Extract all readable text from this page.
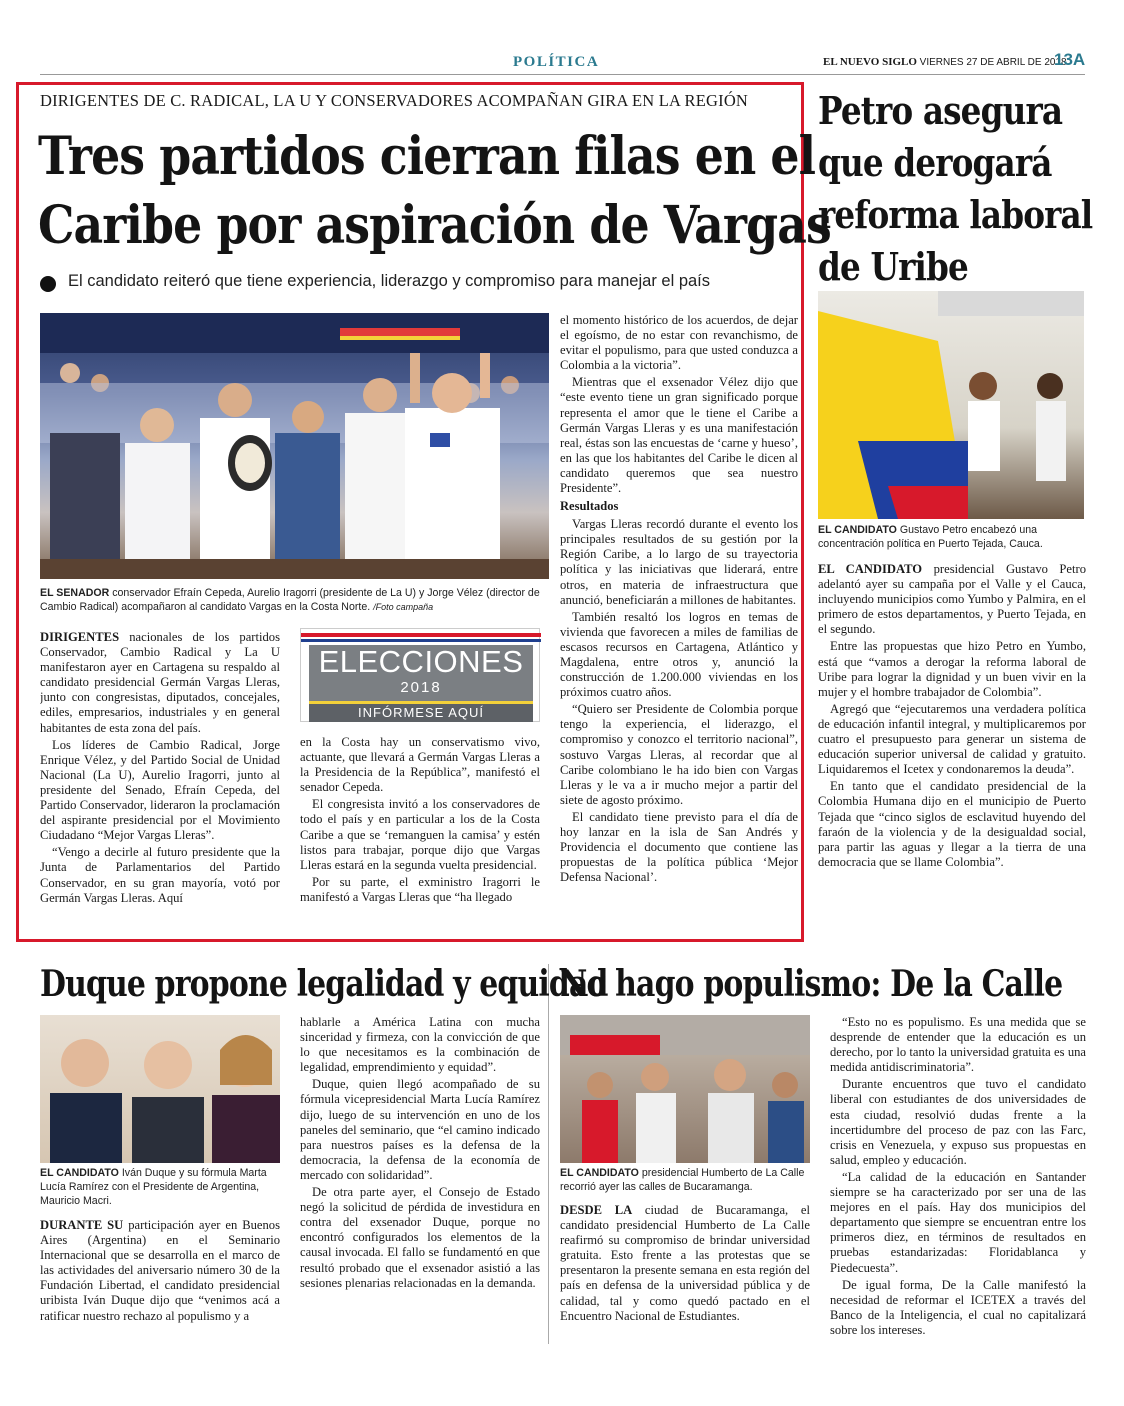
POLÍTICA	EL NUEVO SIGLO VIERNES 27 DE ABRIL DE 2018
13A
DIRIGENTES DE C. RADICAL, LA U Y CONSERVADORES ACOMPAÑAN GIRA EN LA REGIÓN
Tres partidos cierran filas en el
Caribe por aspiración de Vargas
El candidato reiteró que tiene experiencia, liderazgo y compromiso para manejar el país
EL SENADOR conservador Efraín Cepeda, Aurelio Iragorri (presidente de La U) y Jorge Vélez (director de Cambio Radical) acompañaron al candidato Vargas en la Costa Norte. /Foto campaña

DIRIGENTES nacionales de los partidos Conservador, Cambio Radical y La U manifestaron ayer en Cartagena su respaldo al candidato presidencial Germán Vargas Lleras, junto con congresistas, diputados, concejales, ediles, empresarios, industriales y en general habitantes de esta zona del país.

Los líderes de Cambio Radical, Jorge Enrique Vélez, y del Partido Social de Unidad Nacional (La U), Aurelio Iragorri, junto al presidente del Senado, Efraín Cepeda, del Partido Conservador, lideraron la proclamación del aspirante presidencial por el Movimiento Ciudadano “Mejor Vargas Lleras”.

“Vengo a decirle al futuro presidente que la Junta de Parlamentarios del Partido Conservador, en su gran mayoría, votó por Germán Vargas Lleras. Aquí

ELECCIONES
2018
INFÓRMESE AQUÍ

en la Costa hay un conservatismo vivo, actuante, que llevará a Germán Vargas Lleras a la Presidencia de la República”, manifestó el senador Cepeda.

El congresista invitó a los conservadores de todo el país y en particular a los de la Costa Caribe a que se ‘remanguen la camisa’ y estén listos para trabajar, porque dijo que Vargas Lleras estará en la segunda vuelta presidencial.

Por su parte, el exministro Iragorri le manifestó a Vargas Lleras que “ha llegado

el momento histórico de los acuerdos, de dejar el egoísmo, de no estar con revanchismo, de evitar el populismo, para que usted conduzca a Colombia a la victoria”.

Mientras que el exsenador Vélez dijo que “este evento tiene un gran significado porque representa el amor que le tiene el Caribe a Germán Vargas Lleras y es una manifestación real, éstas son las encuestas de ‘carne y hueso’, en las que los habitantes del Caribe le dicen al candidato queremos que sea nuestro Presidente”.

Resultados

Vargas Lleras recordó durante el evento los principales resultados de su gestión por la Región Caribe, a lo largo de su trayectoria política y las iniciativas que liderará, entre otros, en materia de infraestructura que anunció, beneficiarán a millones de habitantes.

También resaltó los logros en temas de vivienda que favorecen a miles de familias de escasos recursos en Cartagena, Atlántico y Magdalena, entre otros y, anunció la construcción de 1.200.000 viviendas en los próximos cuatro años.

“Quiero ser Presidente de Colombia porque tengo la experiencia, el liderazgo, el compromiso y conozco el territorio nacional”, sostuvo Vargas Lleras, al recordar que al Caribe colombiano le ha ido bien con Vargas Lleras y le va a ir mucho mejor a partir del siete de agosto próximo.

El candidato tiene previsto para el día de hoy lanzar en la isla de San Andrés y Providencia el documento que contiene las propuestas de la política pública ‘Mejor Defensa Nacional’.

Petro asegura
que derogará
reforma laboral
de Uribe
EL CANDIDATO Gustavo Petro encabezó una concentración política en Puerto Tejada, Cauca.

EL CANDIDATO presidencial Gustavo Petro adelantó ayer su campaña por el Valle y el Cauca, incluyendo municipios como Yumbo y Palmira, en el primero de estos departamentos, y Puerto Tejada, en el segundo.

Entre las propuestas que hizo Petro en Yumbo, está que “vamos a derogar la reforma laboral de Uribe para lograr la dignidad y un buen vivir en la mujer y el hombre trabajador de Colombia”.

Agregó que “ejecutaremos una verdadera política de educación infantil integral, y multiplicaremos por cuatro el presupuesto para generar un sistema de educación superior universal de calidad y gratuito. Liquidaremos el Icetex y condonaremos la deuda”.

En tanto que el candidato presidencial de la Colombia Humana dijo en el municipio de Puerto Tejada que “cinco siglos de esclavitud huyendo del faraón de la violencia y de la desigualdad social, para partir las aguas y llegar a la tierra de una democracia que se llame Colombia”.

Duque propone legalidad y equidad
EL CANDIDATO Iván Duque y su fórmula Marta Lucía Ramírez con el Presidente de Argentina, Mauricio Macri.

DURANTE SU participación ayer en Buenos Aires (Argentina) en el Seminario Internacional que se desarrolla en el marco de las actividades del aniversario número 30 de la Fundación Libertad, el candidato presidencial uribista Iván Duque dijo que “venimos acá a ratificar nuestro rechazo al populismo y a

hablarle a América Latina con mucha sinceridad y firmeza, con la convicción de que lo que necesitamos es la combinación de legalidad, emprendimiento y equidad”.

Duque, quien llegó acompañado de su fórmula vicepresidencial Marta Lucía Ramírez dijo, luego de su intervención en uno de los paneles del seminario, que “el camino indicado para nuestros países es la defensa de la democracia, la defensa de la economía de mercado con solidaridad”.

De otra parte ayer, el Consejo de Estado negó la solicitud de pérdida de investidura en contra del exsenador Duque, porque no encontró configurados los elementos de la causal invocada. El fallo se fundamentó en que resultó probado que el exsenador asistió a las sesiones plenarias relacionadas en la demanda.

No hago populismo: De la Calle
EL CANDIDATO presidencial Humberto de La Calle recorrió ayer las calles de Bucaramanga.

DESDE LA ciudad de Bucaramanga, el candidato presidencial Humberto de La Calle reafirmó su compromiso de brindar universidad gratuita. Esto frente a las protestas que se presentaron la presente semana en esta región del país en defensa de la universidad pública y de calidad, tal y como quedó pactado en el Encuentro Nacional de Estudiantes.

“Esto no es populismo. Es una medida que se desprende de entender que la educación es un derecho, por lo tanto la universidad gratuita es una medida antidiscriminatoria”.

Durante encuentros que tuvo el candidato liberal con estudiantes de dos universidades de esta ciudad, resolvió dudas frente a la incertidumbre del proceso de paz con las Farc, crisis en Venezuela, y expuso sus propuestas en salud, empleo y educación.

“La calidad de la educación en Santander siempre se ha caracterizado por ser una de las mejores en el país. Hay dos municipios del departamento que siempre se encuentran entre los primeros diez, en términos de resultados en pruebas estandarizadas: Floridablanca y Piedecuesta”.

De igual forma, De la Calle manifestó la necesidad de reformar el ICETEX a través del Banco de la Inteligencia, el cual no capitalizará sobre los intereses.
